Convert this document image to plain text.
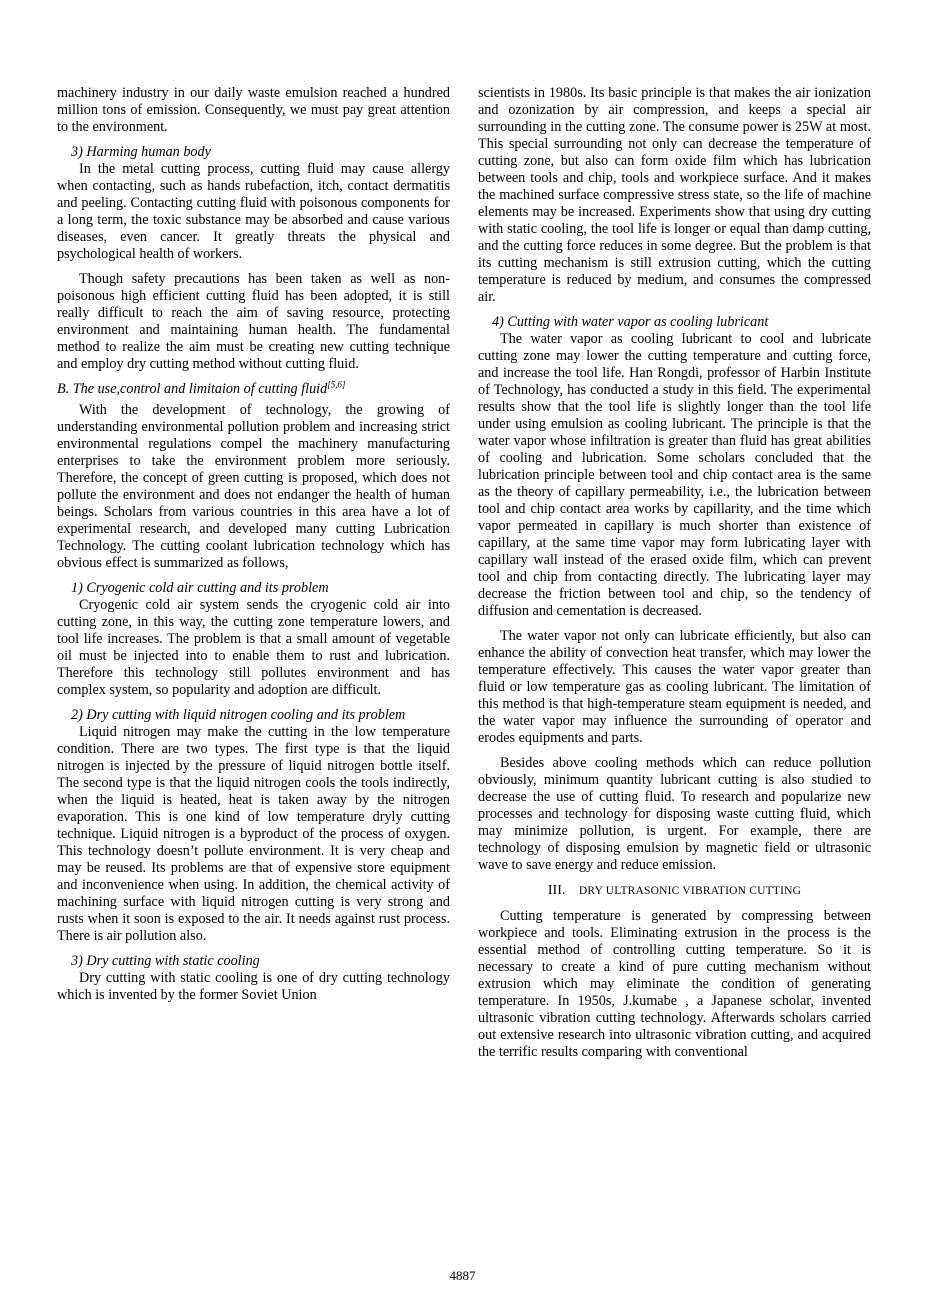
machinery industry in our daily waste emulsion reached a hundred million tons of emission. Consequently, we must pay great attention to the environment.

3) Harming human body

In the metal cutting process, cutting fluid may cause allergy when contacting, such as hands rubefaction, itch, contact dermatitis and peeling. Contacting cutting fluid with poisonous components for a long term, the toxic substance may be absorbed and cause various diseases, even cancer. It greatly threats the physical and psychological health of workers.

Though safety precautions has been taken as well as non-poisonous high efficient cutting fluid has been adopted, it is still really difficult to reach the aim of saving resource, protecting environment and maintaining human health. The fundamental method to realize the aim must be creating new cutting technique and employ dry cutting method without cutting fluid.

B. The use,control and limitaion of cutting fluid[5,6]

With the development of technology, the growing of understanding environmental pollution problem and increasing strict environmental regulations compel the machinery manufacturing enterprises to take the environment problem more seriously. Therefore, the concept of green cutting is proposed, which does not pollute the environment and does not endanger the health of human beings. Scholars from various countries in this area have a lot of experimental research, and developed many cutting Lubrication Technology. The cutting coolant lubrication technology which has obvious effect is summarized as follows,

1) Cryogenic cold air cutting and its problem

Cryogenic cold air system sends the cryogenic cold air into cutting zone, in this way, the cutting zone temperature lowers, and tool life increases. The problem is that a small amount of vegetable oil must be injected into to enable them to rust and lubrication. Therefore this technology still pollutes environment and has complex system, so popularity and adoption are difficult.

2) Dry cutting with liquid nitrogen cooling and its problem

Liquid nitrogen may make the cutting in the low temperature condition. There are two types. The first type is that the liquid nitrogen is injected by the pressure of liquid nitrogen bottle itself. The second type is that the liquid nitrogen cools the tools indirectly, when the liquid is heated, heat is taken away by the nitrogen evaporation. This is one kind of low temperature dryly cutting technique. Liquid nitrogen is a byproduct of the process of oxygen. This technology doesn’t pollute environment. It is very cheap and may be reused. Its problems are that of expensive store equipment and inconvenience when using. In addition, the chemical activity of machining surface with liquid nitrogen cutting is very strong and rusts when it soon is exposed to the air. It needs against rust process. There is air pollution also.

3) Dry cutting with static cooling

Dry cutting with static cooling is one of dry cutting technology which is invented by the former Soviet Union

scientists in 1980s. Its basic principle is that makes the air ionization and ozonization by air compression, and keeps a special air surrounding in the cutting zone. The consume power is 25W at most. This special surrounding not only can decrease the temperature of cutting zone, but also can form oxide film which has lubrication between tools and chip, tools and workpiece surface. And it makes the machined surface compressive stress state, so the life of machine elements may be increased. Experiments show that using dry cutting with static cooling, the tool life is longer or equal than damp cutting, and the cutting force reduces in some degree. But the problem is that its cutting mechanism is still extrusion cutting, which the cutting temperature is reduced by medium, and consumes the compressed air.

4) Cutting with water vapor as cooling lubricant

The water vapor as cooling lubricant to cool and lubricate cutting zone may lower the cutting temperature and cutting force, and increase the tool life. Han Rongdi, professor of Harbin Institute of Technology, has conducted a study in this field. The experimental results show that the tool life is slightly longer than the tool life under using emulsion as cooling lubricant. The principle is that the water vapor whose infiltration is greater than fluid has great abilities of cooling and lubrication. Some scholars concluded that the lubrication principle between tool and chip contact area is the same as the theory of capillary permeability, i.e., the lubrication between tool and chip contact area works by capillarity, and the time which vapor permeated in capillary is much shorter than existence of capillary, at the same time vapor may form lubricating layer with capillary wall instead of the erased oxide film, which can prevent tool and chip from contacting directly. The lubricating layer may decrease the friction between tool and chip, so the tendency of diffusion and cementation is decreased.

The water vapor not only can lubricate efficiently, but also can enhance the ability of convection heat transfer, which may lower the temperature effectively. This causes the water vapor greater than fluid or low temperature gas as cooling lubricant. The limitation of this method is that high-temperature steam equipment is needed, and the water vapor may influence the surrounding of operator and erodes equipments and parts.

Besides above cooling methods which can reduce pollution obviously, minimum quantity lubricant cutting is also studied to decrease the use of cutting fluid. To research and popularize new processes and technology for disposing waste cutting fluid, which may minimize pollution, is urgent. For example, there are technology of disposing emulsion by magnetic field or ultrasonic wave to save energy and reduce emission.

III. DRY ULTRASONIC VIBRATION CUTTING

Cutting temperature is generated by compressing between workpiece and tools. Eliminating extrusion in the process is the essential method of controlling cutting temperature. So it is necessary to create a kind of pure cutting mechanism without extrusion which may eliminate the condition of generating temperature. In 1950s, J.kumabe , a Japanese scholar, invented ultrasonic vibration cutting technology. Afterwards scholars carried out extensive research into ultrasonic vibration cutting, and acquired the terrific results comparing with conventional

4887
